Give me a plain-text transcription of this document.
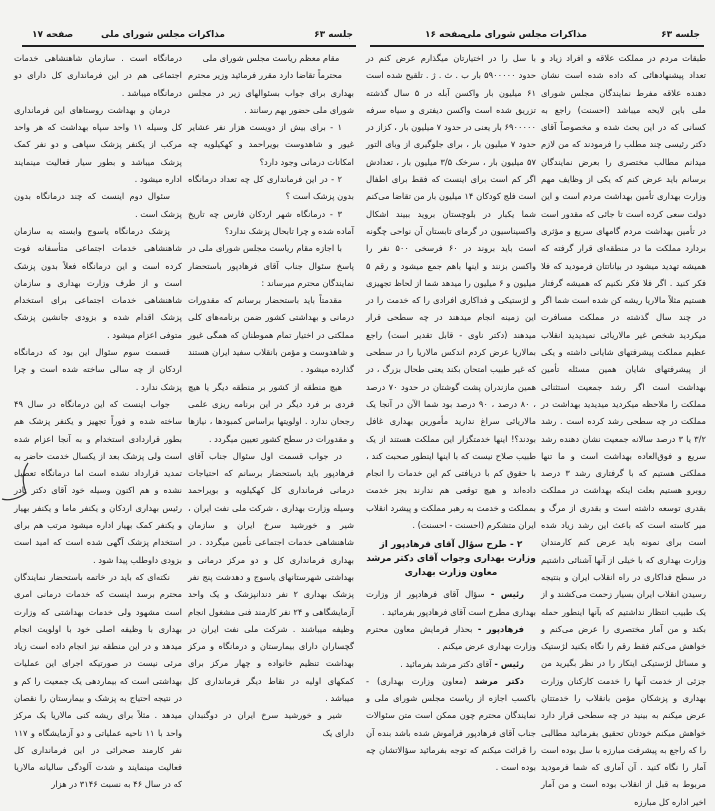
جلسه ۶۳
مذاکرات مجلس شورای ملی
صفحه ۱۷

درمانگاه است . سازمان شاهنشاهی خدمات اجتماعی هم در این فرمانداری کل دارای دو درمانگاه میباشد .

درمان و بهداشت روستاهای این فرمانداری کل وسیله ۱۱ واحد سپاه بهداشت که هر واحد مرکب از یکنفر پزشک سپاهی و دو نفر کمک پزشک میباشد و بطور سیار فعالیت مینمایند اداره میشود .

سئوال دوم اینست که چند درمانگاه بدون پزشک است .

پزشک درمانگاه یاسوج وابسته به سازمان شاهنشاهی خدمات اجتماعی متأسفانه فوت کرده است و این درمانگاه فعلاً بدون پزشک است و از طرف وزارت بهداری و سازمان شاهنشاهی خدمات اجتماعی برای استخدام پزشک اقدام شده و بزودی جانشین پزشک متوفی اعزام میشود .

قسمت سوم سئوال این بود که درمانگاه اردکان از چه سالی ساخته شده است و چرا پزشک ندارد .

جواب اینست که این درمانگاه در سال ۴۹ ساخته شده و فوراً تجهیز و یکنفر پزشک هم بطور قراردادی استخدام و به آنجا اعزام شده است ولی پزشک بعد از یکسال خدمت حاضر به تمدید قرارداد نشده است اما درمانگاه تعطیل نشده و هم اکنون وسیله خود آقای دکتر نادر رئیس بهداری اردکان و یکنفر ماما و یکنفر بهیار و یکنفر کمک بهیار اداره میشود مرتب هم برای استخدام پزشک آگهی شده است که امید است بزودی داوطلب پیدا شود .

نکته‌ای که باید در خاتمه باستحضار نمایندگان محترم برسد اینست که خدمات درمانی امری است مشهود ولی خدمات بهداشتی که وزارت بهداری با وظیفه اصلی خود با اولویت انجام میدهد و در این منطقه نیز انجام داده است زیاد مرئی نیست در صورتیکه اجرای این عملیات بهداشتی است که بیماردهی یک جمعیت را کم و در نتیجه احتیاج به پزشک و بیمارستان را نقصان میدهد . مثلاً برای ریشه کنی مالاریا یک مرکز واحد با ۱۱ ناحیه عملیاتی و دو آزمایشگاه و ۱۱۷ نفر کارمند صحرائی در این فرمانداری کل فعالیت مینمایند و شدت آلودگی سالیانه مالاریا که در سال ۴۶ به نسبت ۳۱۴۶ در هزار

مقام معظم ریاست مجلس شورای ملی

محترماً تقاضا دارد مقرر فرمائید وزیر محترم بهداری برای جواب بسئوالهای زیر در مجلس شورای ملی حضور بهم رسانند .

۱ - برای بیش از دویست هزار نفر عشایر غیور و شاهدوست بویراحمد و کهکیلویه چه امکانات درمانی وجود دارد؟

۲ - در این فرمانداری کل چه تعداد درمانگاه بدون پزشک است ؟

۳ - درمانگاه شهر اردکان فارس چه تاریخ آماده شده و چرا تابحال پزشک ندارد؟

با اجازه مقام ریاست مجلس شورای ملی در پاسخ سئوال جناب آقای فرهادپور باستحضار نمایندگان محترم میرساند :

مقدمتاً باید باستحضار برسانم که مقدورات درمانی و بهداشتی کشور ضمن برنامه‌های کلی مملکتی در اختیار تمام هموطنان که همگی غیور و شاهدوست و مؤمن بانقلاب سفید ایران هستند گذارده میشود .

هیچ منطقه از کشور بر منطقه دیگر یا هیچ فردی بر فرد دیگر در این برنامه ریزی علمی رجحان ندارد . اولویتها براساس کمبودها ، نیازها و مقدورات در سطح کشور تعیین میگردد .

در جواب قسمت اول سئوال جناب آقای فرهادپور باید باستحضار برسانم که احتیاجات درمانی فرمانداری کل کهکیلویه و بویراحمد وسیله وزارت بهداری ، شرکت ملی نفت ایران ، شیر و خورشید سرخ ایران و سازمان شاهنشاهی خدمات اجتماعی تأمین میگردد . در بهداری فرمانداری کل و دو مرکز درمانی و بهداشتی شهرستانهای یاسوج و دهدشت پنج نفر پزشک بهداری ۲ نفر دندانپزشک و یک واحد آزمایشگاهی و ۲۴ نفر کارمند فنی مشغول انجام وظیفه میباشند . شرکت ملی نفت ایران در گچساران دارای بیمارستان و درمانگاه و مرکز بهداشت تنظیم خانواده و چهار مرکز برای کمکهای اولیه در نقاط دیگر فرمانداری کل میباشد .

شیر و خورشید سرخ ایران در دوگنبدان دارای یک

جلسه ۶۳
مذاکرات مجلس شورای ملی
صفحه ۱۶

با سل را در اختیارتان میگذارم عرض کنم در حدود ۵۹۰۰۰۰۰ بار ب . ث . ژ . تلقیح شده است ۶۱ میلیون بار واکسن آبله در ۵ سال گذشته تزریق شده است واکسن دیفتری و سیاه سرفه ۶۹۰۰۰۰۰ بار یعنی در حدود ۷ میلیون بار ، کزاز در حدود ۷ میلیون بار ، برای جلوگیری از وبای التور ۵۷ میلیون بار ، سرخک ۳/۵ میلیون بار ، تعدادش اگر کم است برای اینست که فقط برای اطفال است فلج کودکان ۱۴ میلیون بار من تقاضا می‌کنم شما یکبار در بلوچستان بروید ببیند اشکال واکسیناسیون در گرمای تابستان آن نواحی چگونه است باید بروند در ۶۰ فرسخی ۵۰۰ نفر را واکسن بزنند و اینها باهم جمع میشود و رقم ۵ میلیون و ۶ میلیون را میدهد شما از لحاظ تجهیزی و لژستیکی و فداکاری افرادی را که خدمت را در این زمینه انجام میدهند در چه سطحی قرار میدهند (دکتر ناوی - قابل تقدیر است) راجع بمالاریا عرض کردم اندکس مالاریا را در سطحی که غیر طبیب امتحان بکند یعنی طحال بزرگ ، در همین مازندران پشت گوشتان در حدود ۷۰ درصد ، ۸۰ درصد ، ۹۰ درصد بود شما الآن در آنجا یک مالاریائی سراغ ندارید مأمورین بهداری غافل بودند؟! اینها خدمتگزار این مملکت هستند از یک طبیب صلاح نیست که با اینها اینطور صحبت کند ، با حقوق کم با دریافتی کم این خدمات را انجام داده‌اند و هیچ توقعی هم ندارند بجز خدمت بمملکت و خدمت به رهبر مملکت و پیشرد انقلاب ایران متشکرم (احسنت - احسنت) .

۲ - طرح سؤال آقای فرهادپور از وزارت بهداری وجواب آقای دکتر مرشد معاون وزارت بهداری

رئیس - سؤال آقای فرهادپور از وزارت بهداری مطرح است آقای فرهادپور بفرمائید .

فرهادپور - بحذار فرمایش معاون محترم وزارت بهداری عرض میکنم .

رئیس - آقای دکتر مرشد بفرمائید .

دکتر مرشد (معاون وزارت بهداری) - باکسب اجازه از ریاست مجلس شورای ملی و نمایندگان محترم چون ممکن است متن سئوالات جناب آقای فرهادپور فراموش شده باشد بنده آن را قرائت میکنم که توجه بفرمائید سؤالاتشان چه بوده است .

طبقات مردم در مملکت علاقه و افراد زیاد و تعداد پیشنهادهائی که داده شده است نشان دهنده علاقه مفرط نمایندگان مجلس شورای ملی باین لایحه میباشد (احسنت) راجع به کسانی که در این بحث شده و مخصوصاً آقای دکتر رئیسی چند مطلب را فرمودند که من لازم میدانم مطالب مختصری را بعرض نمایندگان برسانم باید عرض کنم که یکی از وظایف مهم وزارت بهداری تأمین بهداشت مردم است و این دولت سعی کرده است تا جائی که مقدور است در تأمین بهداشت مردم گامهای سریع و مؤثری بردارد مملکت ما در منطقه‌ای قرار گرفته که همیشه تهدید میشود در بیاناتتان فرمودید که فلا فکر کنید . اگر فلا فکر نکنیم که همیشه گرفتار هستیم مثلاً مالاریا ریشه کن شده است شما اگر در چند سال گذشته در مملکت مسافرت میکردید شخص غیر مالاریائی نمیدیدید انقلاب عظیم مملکت پیشرفتهای شایانی داشته و یکی از پیشرفتهای شایان همین مسئله تأمین بهداشت است اگر رشد جمعیت استثنائی مملکت را ملاحظه میکردید میدیدید بهداشت در مملکت در چه سطحی رشد کرده است . رشد ۳/۲ یا ۳ درصد سالانه جمعیت نشان دهنده رشد سریع و فوق‌العاده بهداشت است و ما تنها مملکتی هستیم که با گرفتاری رشد ۳ درصد روبرو هستیم بعلت اینکه بهداشت در مملکت بقدری توسعه داشته است و بقدری از مرگ و میر کاسته است که باعث این رشد زیاد شده است برای نمونه باید عرض کنم کارمندان وزارت بهداری که با خیلی از آنها آشنائی داشتیم در سطح فداکاری در راه انقلاب ایران و بنتیجه رسیدن انقلاب ایران بسیار زحمت می‌کشند و از یک طبیب انتظار نداشتیم که بآنها اینطور حمله بکند و من آمار مختصری را عرض می‌کنم و خواهش می‌کنم فقط رقم را نگاه بکنید لژستیک و مسائل لژستیکی اینکار را در نظر بگیرید من جزئی از خدمت آنها را خدمت کارکنان وزارت بهداری و پزشکان مؤمن بانقلاب را خدمتتان عرض میکنم به بینید در چه سطحی قرار دارد خواهش میکنم خودتان تحقیق بفرمائید مطالبی را که راجع به پیشرفت مبارزه با سل بوده است آمار را نگاه کنید . آن آماری که شما فرمودید مربوط به قبل از انقلاب بوده است و من آمار اخیر اداره کل مبارزه
